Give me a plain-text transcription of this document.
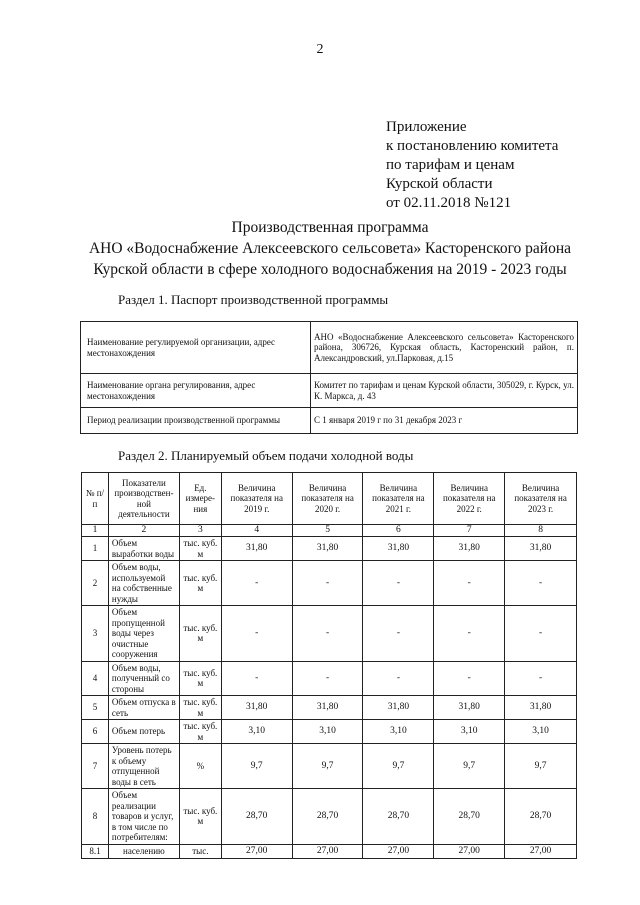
2
Приложение
к постановлению комитета
по тарифам и ценам
Курской области
от 02.11.2018 №121
Производственная программа
АНО «Водоснабжение Алексеевского сельсовета» Касторенского района
Курской области в сфере холодного водоснабжения на 2019 - 2023 годы
Раздел 1. Паспорт производственной программы
Наименование регулируемой организации, адрес местонахождения	АНО «Водоснабжение Алексеевского сельсовета» Касторенского района, 306726, Курская область, Касторенский район, п. Александровский, ул.Парковая, д.15
Наименование органа регулирования, адрес местонахождения	Комитет по тарифам и ценам Курской области, 305029, г. Курск, ул. К. Маркса, д. 43
Период реализации производственной программы	С 1 января 2019 г по 31 декабря 2023 г
Раздел 2. Планируемый объем подачи холодной воды
№ п/п	Показатели производствен-ной деятельности	Ед. измере-ния	Величина показателя на 2019 г.	Величина показателя на 2020 г.	Величина показателя на 2021 г.	Величина показателя на 2022 г.	Величина показателя на 2023 г.
1	2	3	4	5	6	7	8
1	Объем выработки воды	тыс. куб. м	31,80	31,80	31,80	31,80	31,80
2	Объем воды, используемой на собственные нужды	тыс. куб. м	-	-	-	-	-
3	Объем пропущенной воды через очистные сооружения	тыс. куб. м	-	-	-	-	-
4	Объем воды, полученный со стороны	тыс. куб. м	-	-	-	-	-
5	Объем отпуска в сеть	тыс. куб. м	31,80	31,80	31,80	31,80	31,80
6	Объем потерь	тыс. куб. м	3,10	3,10	3,10	3,10	3,10
7	Уровень потерь к объему отпущенной воды в сеть	%	9,7	9,7	9,7	9,7	9,7
8	Объем реализации товаров и услуг, в том числе по потребителям:	тыс. куб. м	28,70	28,70	28,70	28,70	28,70
8.1	населению	тыс.	27,00	27,00	27,00	27,00	27,00
